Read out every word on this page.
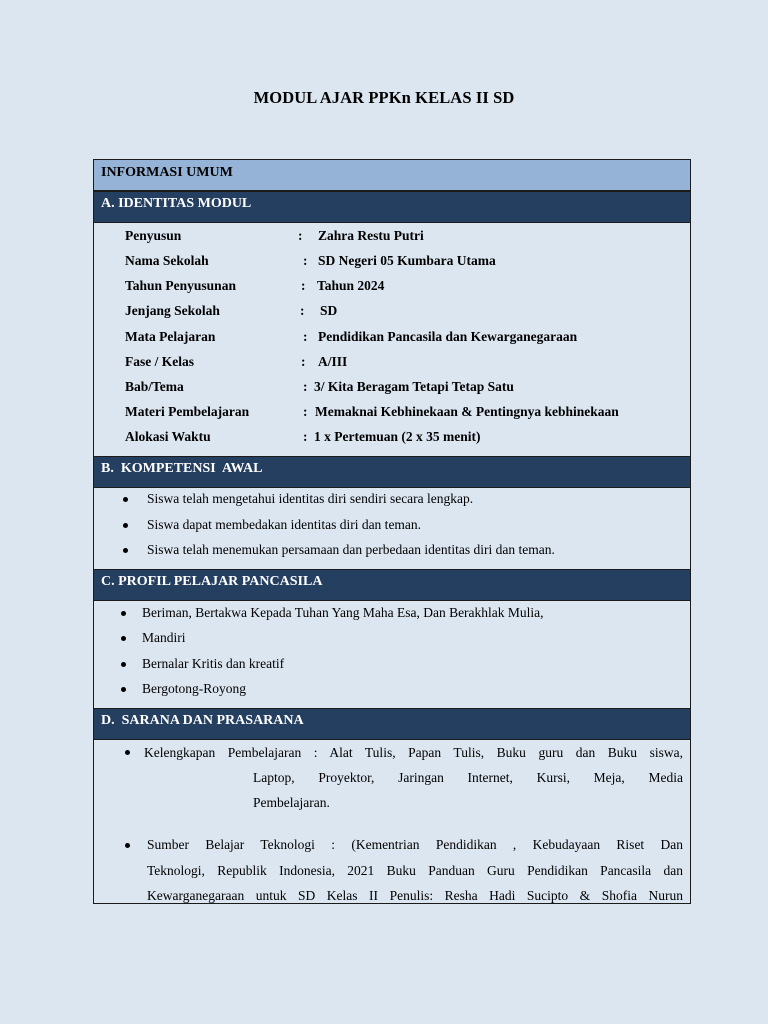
MODUL AJAR PPKn KELAS II SD
INFORMASI UMUM
A. IDENTITAS MODUL
Penyusun	: Zahra Restu Putri
Nama Sekolah	: SD Negeri 05 Kumbara Utama
Tahun Penyusunan	: Tahun 2024
Jenjang Sekolah	: SD
Mata Pelajaran	: Pendidikan Pancasila dan Kewarganegaraan
Fase / Kelas	: A/III
Bab/Tema	: 3/ Kita Beragam Tetapi Tetap Satu
Materi Pembelajaran	: Memaknai Kebhinekaan & Pentingnya kebhinekaan
Alokasi Waktu	: 1 x Pertemuan (2 x 35 menit)
B.  KOMPETENSI  AWAL
Siswa telah mengetahui identitas diri sendiri secara lengkap.
Siswa dapat membedakan identitas diri dan teman.
Siswa telah menemukan persamaan dan perbedaan identitas diri dan teman.
C. PROFIL PELAJAR PANCASILA
Beriman, Bertakwa Kepada Tuhan Yang Maha Esa, Dan Berakhlak Mulia,
Mandiri
Bernalar Kritis dan kreatif
Bergotong-Royong
D.  SARANA DAN PRASARANA
Kelengkapan Pembelajaran : Alat Tulis, Papan Tulis, Buku guru dan Buku siswa,
Laptop, Proyektor, Jaringan Internet, Kursi, Meja, Media
Pembelajaran.
Sumber Belajar Teknologi : (Kementrian Pendidikan , Kebudayaan Riset Dan
Teknologi, Republik Indonesia, 2021 Buku Panduan Guru Pendidikan Pancasila dan
Kewarganegaraan untuk SD Kelas II Penulis: Resha Hadi Sucipto & Shofia Nurun
